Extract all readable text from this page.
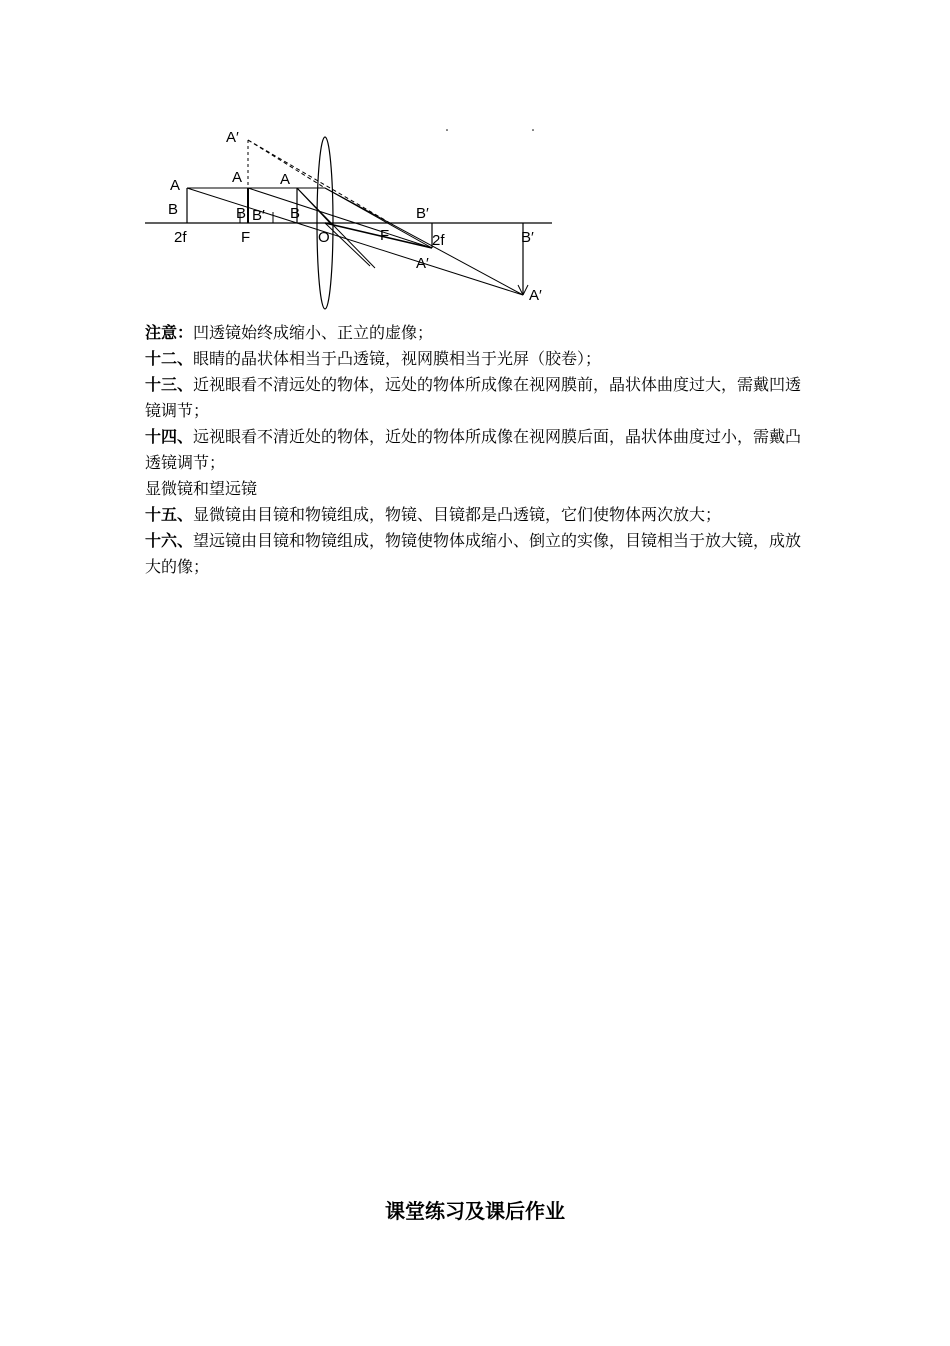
A′
A	A	A
B	B B′ B
2f	F	O	F
B′
2f
A′
B′
A′

注意：凹透镜始终成缩小、正立的虚像；

十二、眼睛的晶状体相当于凸透镜，视网膜相当于光屏（胶卷）；

十三、近视眼看不清远处的物体，远处的物体所成像在视网膜前，晶状体曲度过大，需戴凹透镜调节；

十四、远视眼看不清近处的物体，近处的物体所成像在视网膜后面，晶状体曲度过小，需戴凸透镜调节；

显微镜和望远镜

十五、显微镜由目镜和物镜组成，物镜、目镜都是凸透镜，它们使物体两次放大；

十六、望远镜由目镜和物镜组成，物镜使物体成缩小、倒立的实像，目镜相当于放大镜，成放大的像；

课堂练习及课后作业
